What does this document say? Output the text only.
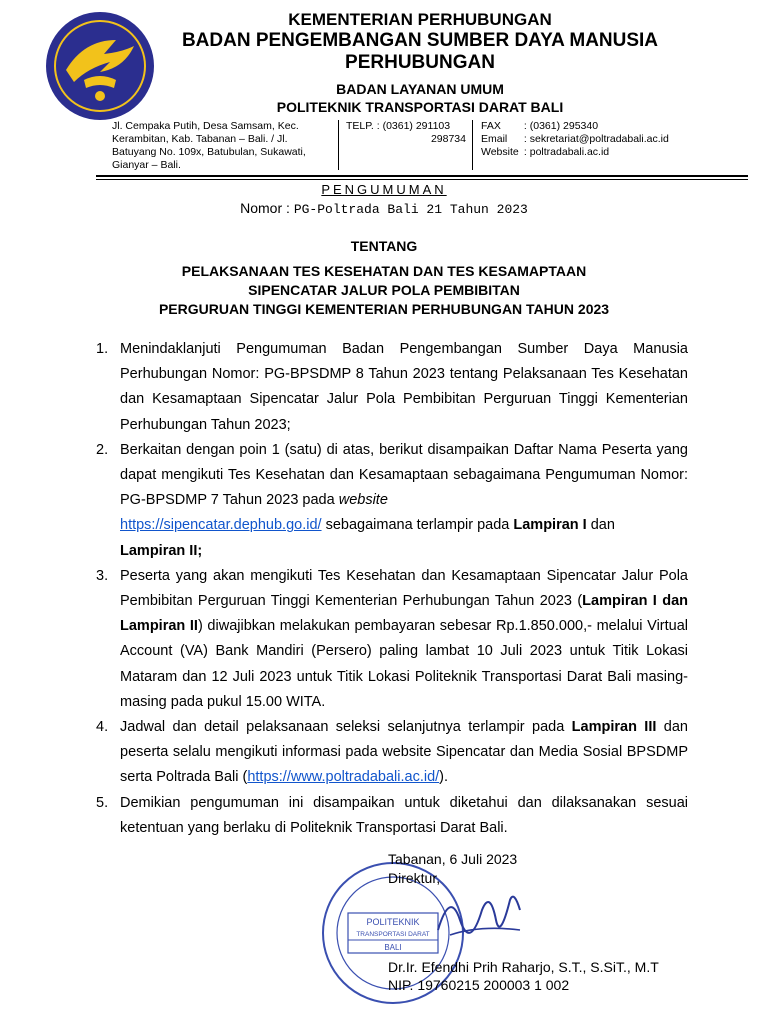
KEMENTERIAN PERHUBUNGAN
BADAN PENGEMBANGAN SUMBER DAYA MANUSIA
PERHUBUNGAN
BADAN LAYANAN UMUM
POLITEKNIK TRANSPORTASI DARAT BALI
Jl. Cempaka Putih, Desa Samsam, Kec.
Kerambitan, Kab. Tabanan – Bali. / Jl.
Batuyang No. 109x, Batubulan, Sukawati,
Gianyar – Bali.
TELP. : (0361) 291103
298734
FAX : (0361) 295340
Email : sekretariat@poltradabali.ac.id
Website : poltradabali.ac.id
PENGUMUMAN
Nomor : PG-Poltrada Bali 21 Tahun 2023
TENTANG
PELAKSANAAN TES KESEHATAN DAN TES KESAMAPTAAN
SIPENCATAR JALUR POLA PEMBIBITAN
PERGURUAN TINGGI KEMENTERIAN PERHUBUNGAN TAHUN 2023
1. Menindaklanjuti Pengumuman Badan Pengembangan Sumber Daya Manusia Perhubungan Nomor: PG-BPSDMP 8 Tahun 2023 tentang Pelaksanaan Tes Kesehatan dan Kesamaptaan Sipencatar Jalur Pola Pembibitan Perguruan Tinggi Kementerian Perhubungan Tahun 2023;
2. Berkaitan dengan poin 1 (satu) di atas, berikut disampaikan Daftar Nama Peserta yang dapat mengikuti Tes Kesehatan dan Kesamaptaan sebagaimana Pengumuman Nomor: PG-BPSDMP 7 Tahun 2023 pada website
https://sipencatar.dephub.go.id/ sebagaimana terlampir pada Lampiran I dan
Lampiran II;
3. Peserta yang akan mengikuti Tes Kesehatan dan Kesamaptaan Sipencatar Jalur Pola Pembibitan Perguruan Tinggi Kementerian Perhubungan Tahun 2023 (Lampiran I dan Lampiran II) diwajibkan melakukan pembayaran sebesar Rp.1.850.000,- melalui Virtual Account (VA) Bank Mandiri (Persero) paling lambat 10 Juli 2023 untuk Titik Lokasi Mataram dan 12 Juli 2023 untuk Titik Lokasi Politeknik Transportasi Darat Bali masing-masing pada pukul 15.00 WITA.
4. Jadwal dan detail pelaksanaan seleksi selanjutnya terlampir pada Lampiran III dan peserta selalu mengikuti informasi pada website Sipencatar dan Media Sosial BPSDMP serta Poltrada Bali (https://www.poltradabali.ac.id/).
5. Demikian pengumuman ini disampaikan untuk diketahui dan dilaksanakan sesuai ketentuan yang berlaku di Politeknik Transportasi Darat Bali.
POLITEKNIK
TRANSPORTASI DARAT
BALI
Tabanan, 6 Juli 2023
Direktur,
Dr.Ir. Efendhi Prih Raharjo, S.T., S.SiT., M.T
NIP. 19760215 200003 1 002
